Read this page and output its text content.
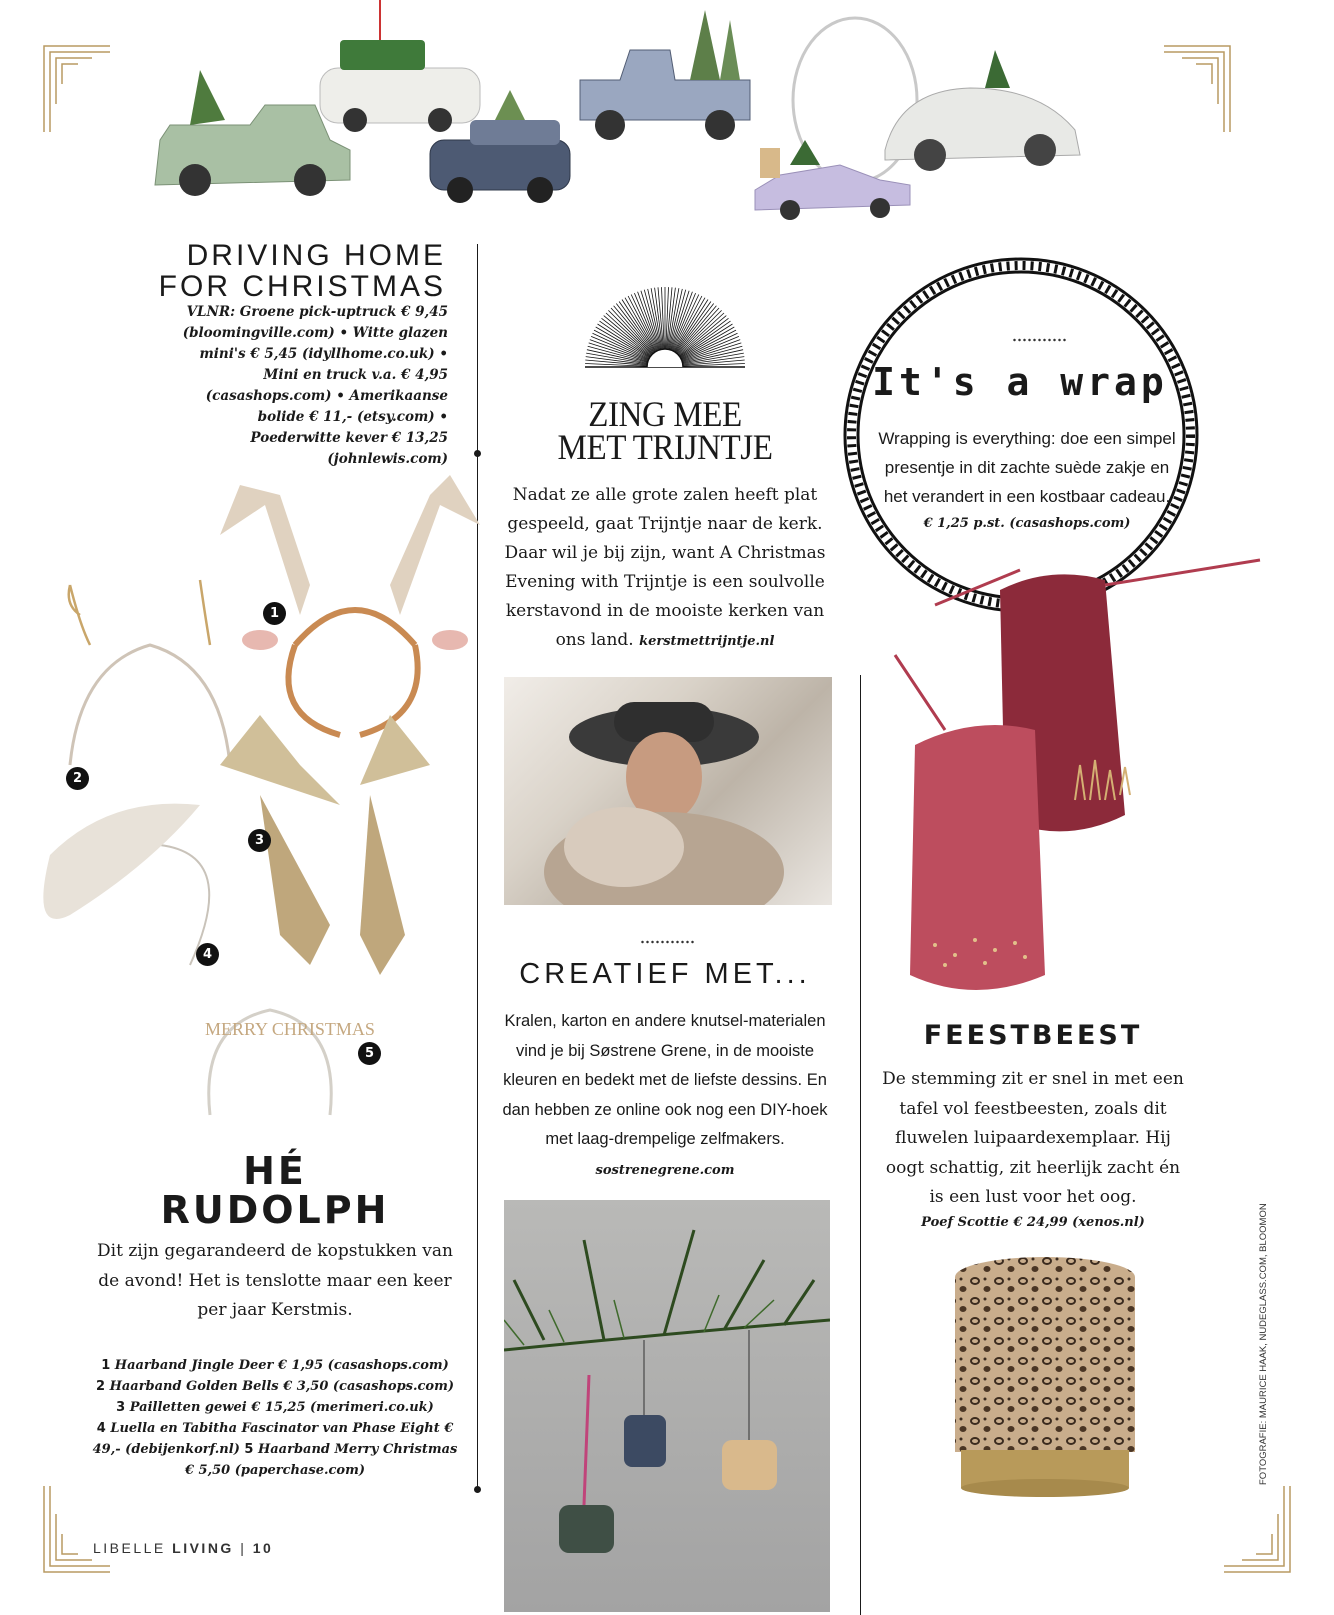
DRIVING HOME
FOR CHRISTMAS
VLNR: Groene pick-uptruck € 9,45 (bloomingville.com) • Witte glazen mini's € 5,45 (idyllhome.co.uk) • Mini en truck v.a. € 4,95 (casashops.com) • Amerikaanse bolide € 11,- (etsy.com) • Poederwitte kever € 13,25 (johnlewis.com)
ZING MEE
MET TRIJNTJE
Nadat ze alle grote zalen heeft plat gespeeld, gaat Trijntje naar de kerk. Daar wil je bij zijn, want A Christmas Evening with Trijntje is een soulvolle kerstavond in de mooiste kerken van ons land. kerstmettrijntje.nl
It's a wrap
Wrapping is everything: doe een simpel presentje in dit zachte suède zakje en het verandert in een kostbaar cadeau.
€ 1,25 p.st. (casashops.com)
CREATIEF MET...
Kralen, karton en andere knutsel-materialen vind je bij Søstrene Grene, in de mooiste kleuren en bedekt met de liefste dessins. En dan hebben ze online ook nog een DIY-hoek met laag-drempelige zelfmakers. sostrenegrene.com
FEESTBEEST
De stemming zit er snel in met een tafel vol feestbeesten, zoals dit fluwelen luipaardexemplaar. Hij oogt schattig, zit heerlijk zacht én is een lust voor het oog.
Poef Scottie € 24,99 (xenos.nl)
MERRY CHRISTMAS
1
2
3
4
5
HÉ
RUDOLPH
Dit zijn gegarandeerd de kopstukken van de avond! Het is tenslotte maar een keer per jaar Kerstmis.
1 Haarband Jingle Deer € 1,95 (casashops.com)
2 Haarband Golden Bells € 3,50 (casashops.com)
3 Pailletten gewei € 15,25 (merimeri.co.uk)
4 Luella en Tabitha Fascinator van Phase Eight € 49,- (debijenkorf.nl) 5 Haarband Merry Christmas € 5,50 (paperchase.com)
LIBELLE LIVING | 10
FOTOGRAFIE: MAURICE HAAK, NUDEGLASS.COM, BLOOMON
